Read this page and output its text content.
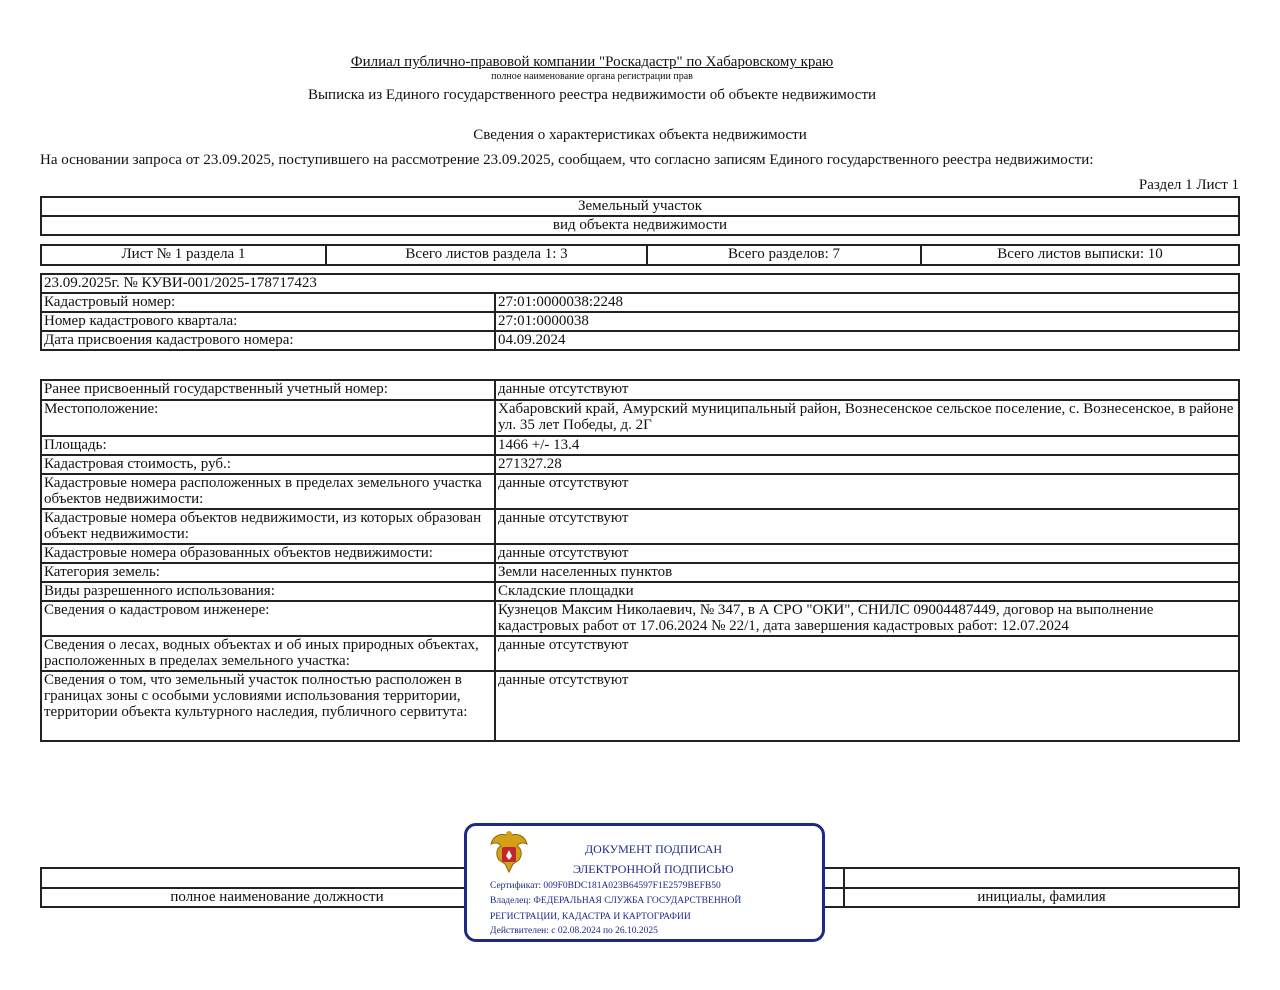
Филиал публично-правовой компании "Роскадастр" по Хабаровскому краю
полное наименование органа регистрации прав
Выписка из Единого государственного реестра недвижимости об объекте недвижимости
Сведения о характеристиках объекта недвижимости
На основании запроса от 23.09.2025, поступившего на рассмотрение 23.09.2025, сообщаем, что согласно записям Единого государственного реестра недвижимости:
Раздел 1 Лист 1
Земельный участок
вид объекта недвижимости
Лист № 1 раздела 1	Всего листов раздела 1: 3	Всего разделов: 7	Всего листов выписки: 10
23.09.2025г. № КУВИ-001/2025-178717423	
Кадастровый номер:	27:01:0000038:2248
Номер кадастрового квартала:	27:01:0000038
Дата присвоения кадастрового номера:	04.09.2024
Ранее присвоенный государственный учетный номер:	данные отсутствуют
Местоположение:	Хабаровский край, Амурский муниципальный район, Вознесенское сельское поселение, с. Вознесенское, в районе ул. 35 лет Победы, д. 2Г
Площадь:	1466 +/- 13.4
Кадастровая стоимость, руб.:	271327.28
Кадастровые номера расположенных в пределах земельного участка объектов недвижимости:	данные отсутствуют
Кадастровые номера объектов недвижимости, из которых образован объект недвижимости:	данные отсутствуют
Кадастровые номера образованных объектов недвижимости:	данные отсутствуют
Категория земель:	Земли населенных пунктов
Виды разрешенного использования:	Складские площадки
Сведения о кадастровом инженере:	Кузнецов Максим Николаевич, № 347, в А СРО "ОКИ", СНИЛС 09004487449, договор на выполнение кадастровых работ от 17.06.2024 № 22/1, дата завершения кадастровых работ: 12.07.2024
Сведения о лесах, водных объектах и об иных природных объектах, расположенных в пределах земельного участка:	данные отсутствуют
Сведения о том, что земельный участок полностью расположен в границах зоны с особыми условиями использования территории, территории объекта культурного наследия, публичного сервитута:	данные отсутствуют

полное наименование должности		инициалы, фамилия
ДОКУМЕНТ ПОДПИСАН
ЭЛЕКТРОННОЙ ПОДПИСЬЮ
Сертификат: 009F0BDC181A023B64597F1E2579BEFB50
Владелец: ФЕДЕРАЛЬНАЯ СЛУЖБА ГОСУДАРСТВЕННОЙ
РЕГИСТРАЦИИ, КАДАСТРА И КАРТОГРАФИИ
Действителен: с 02.08.2024 по 26.10.2025
